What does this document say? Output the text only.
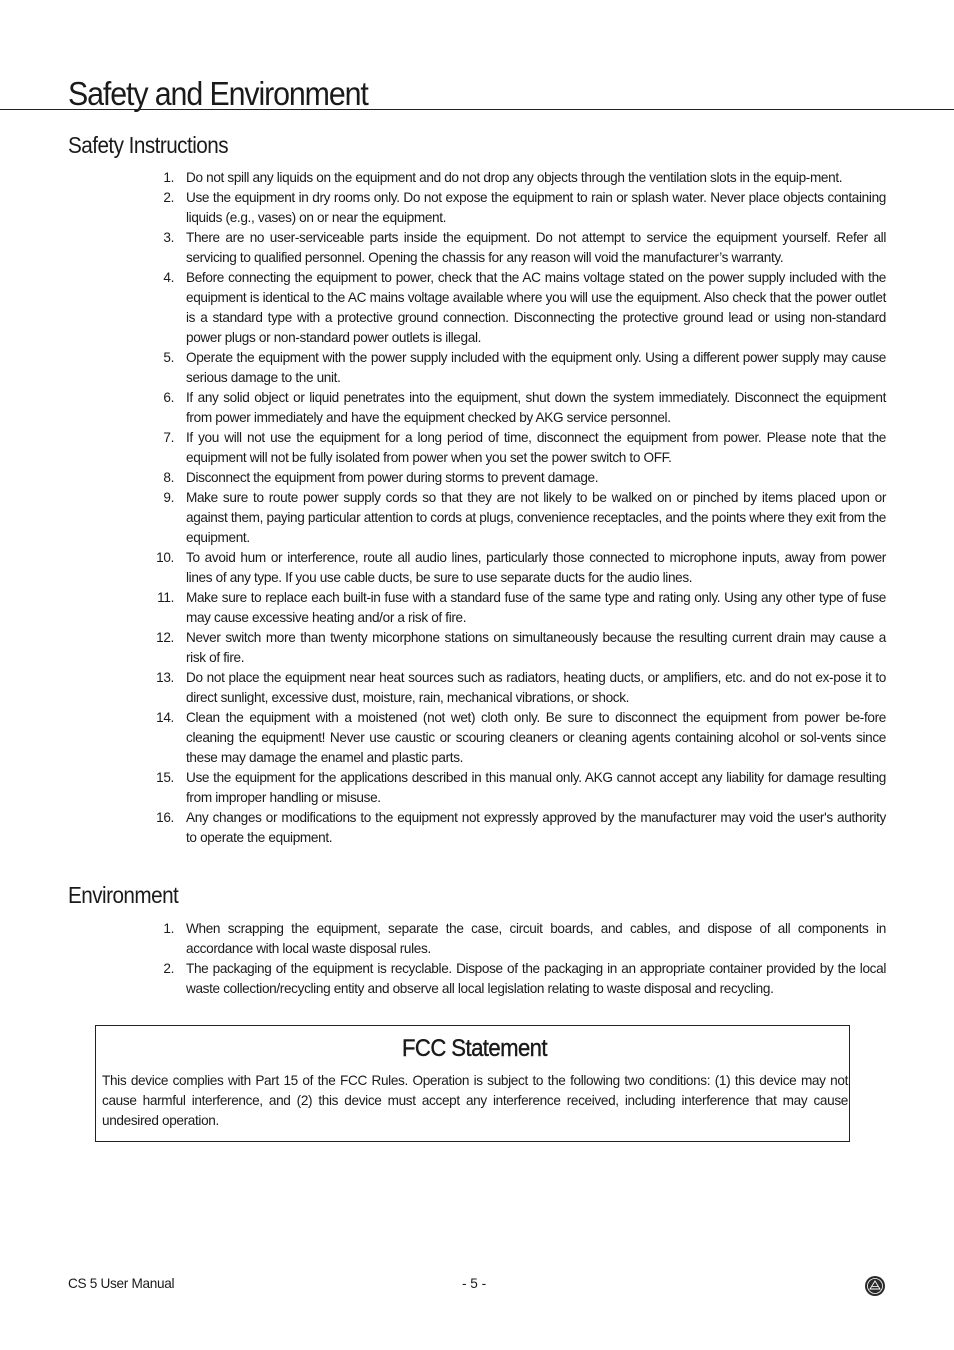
Safety and Environment
Safety Instructions
1. Do not spill any liquids on the equipment and do not drop any objects through the ventilation slots in the equip-ment.
2. Use the equipment in dry rooms only. Do not expose the equipment to rain or splash water. Never place objects containing liquids (e.g., vases) on or near the equipment.
3. There are no user-serviceable parts inside the equipment. Do not attempt to service the equipment yourself. Refer all servicing to qualified personnel. Opening the chassis for any reason will void the manufacturer’s warranty.
4. Before connecting the equipment to power, check that the AC mains voltage stated on the power supply included with the equipment is identical to the AC mains voltage available where you will use the equipment. Also check that the power outlet is a standard type with a protective ground connection. Disconnecting the protective ground lead or using non-standard power plugs or non-standard power outlets is illegal.
5. Operate the equipment with the power supply included with the equipment only. Using a different power supply may cause serious damage to the unit.
6. If any solid object or liquid penetrates into the equipment, shut down the system immediately. Disconnect the equipment from power immediately and have the equipment checked by AKG service personnel.
7. If you will not use the equipment for a long period of time, disconnect the equipment from power. Please note that the equipment will not be fully isolated from power when you set the power switch to OFF.
8. Disconnect the equipment from power during storms to prevent damage.
9. Make sure to route power supply cords so that they are not likely to be walked on or pinched by items placed upon or against them, paying particular attention to cords at plugs, convenience receptacles, and the points where they exit from the equipment.
10. To avoid hum or interference, route all audio lines, particularly those connected to microphone inputs, away from power lines of any type. If you use cable ducts, be sure to use separate ducts for the audio lines.
11. Make sure to replace each built-in fuse with a standard fuse of the same type and rating only. Using any other type of fuse may cause excessive heating and/or a risk of fire.
12. Never switch more than twenty micorphone stations on simultaneously because the resulting current drain may cause a risk of fire.
13. Do not place the equipment near heat sources such as radiators, heating ducts, or amplifiers, etc. and do not ex-pose it to direct sunlight, excessive dust, moisture, rain, mechanical vibrations, or shock.
14. Clean the equipment with a moistened (not wet) cloth only. Be sure to disconnect the equipment from power be-fore cleaning the equipment! Never use caustic or scouring cleaners or cleaning agents containing alcohol or sol-vents since these may damage the enamel and plastic parts.
15. Use the equipment for the applications described in this manual only. AKG cannot accept any liability for damage resulting from improper handling or misuse.
16. Any changes or modifications to the equipment not expressly approved by the manufacturer may void the user's authority to operate the equipment.
Environment
1. When scrapping the equipment, separate the case, circuit boards, and cables, and dispose of all components in accordance with local waste disposal rules.
2. The packaging of the equipment is recyclable. Dispose of the packaging in an appropriate container provided by the local waste collection/recycling entity and observe all local legislation relating to waste disposal and recycling.
FCC Statement

This device complies with Part 15 of the FCC Rules. Operation is subject to the following two conditions: (1) this device may not cause harmful interference, and (2) this device must accept any interference received, including interference that may cause undesired operation.

CS 5 User Manual	- 5 -
